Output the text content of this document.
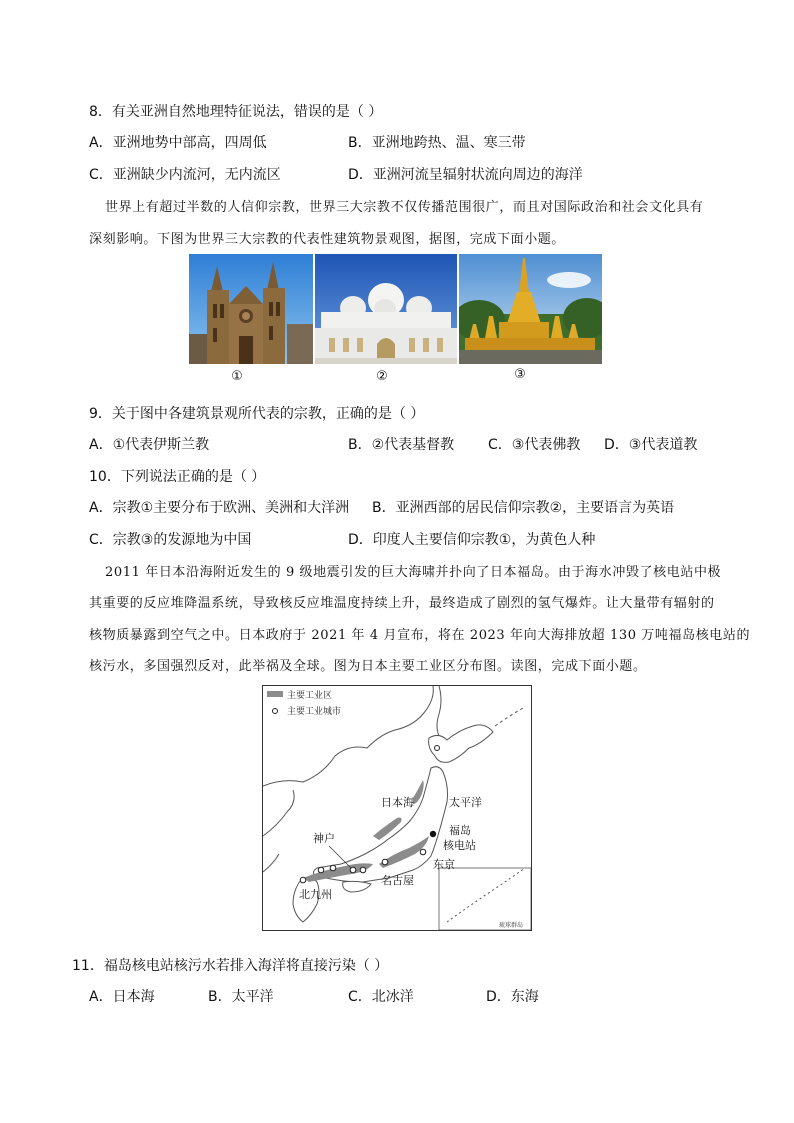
8．有关亚洲自然地理特征说法，错误的是（ ）
A．亚洲地势中部高，四周低	B．亚洲地跨热、温、寒三带
C．亚洲缺少内流河，无内流区	D．亚洲河流呈辐射状流向周边的海洋
世界上有超过半数的人信仰宗教，世界三大宗教不仅传播范围很广，而且对国际政治和社会文化具有
深刻影响。下图为世界三大宗教的代表性建筑物景观图，据图，完成下面小题。
①	②	③
9．关于图中各建筑景观所代表的宗教，正确的是（ ）
A．①代表伊斯兰教	B．②代表基督教 C．③代表佛教 D．③代表道教
10．下列说法正确的是（ ）
A．宗教①主要分布于欧洲、美洲和大洋洲 B．亚洲西部的居民信仰宗教②，主要语言为英语
C．宗教③的发源地为中国	D．印度人主要信仰宗教①，为黄色人种
2011 年日本沿海附近发生的 9 级地震引发的巨大海啸并扑向了日本福岛。由于海水冲毁了核电站中极
其重要的反应堆降温系统，导致核反应堆温度持续上升，最终造成了剧烈的氢气爆炸。让大量带有辐射的
核物质暴露到空气之中。日本政府于 2021 年 4 月宣布，将在 2023 年向大海排放超 130 万吨福岛核电站的
核污水，多国强烈反对，此举祸及全球。图为日本主要工业区分布图。读图，完成下面小题。
主要工业区
主要工业城市
琉球群岛
日本海	太平洋
福岛
核电站
神户
东京
名古屋
北九州
11．福岛核电站核污水若排入海洋将直接污染（ ）
A．日本海	B．太平洋	C．北冰洋	D．东海
